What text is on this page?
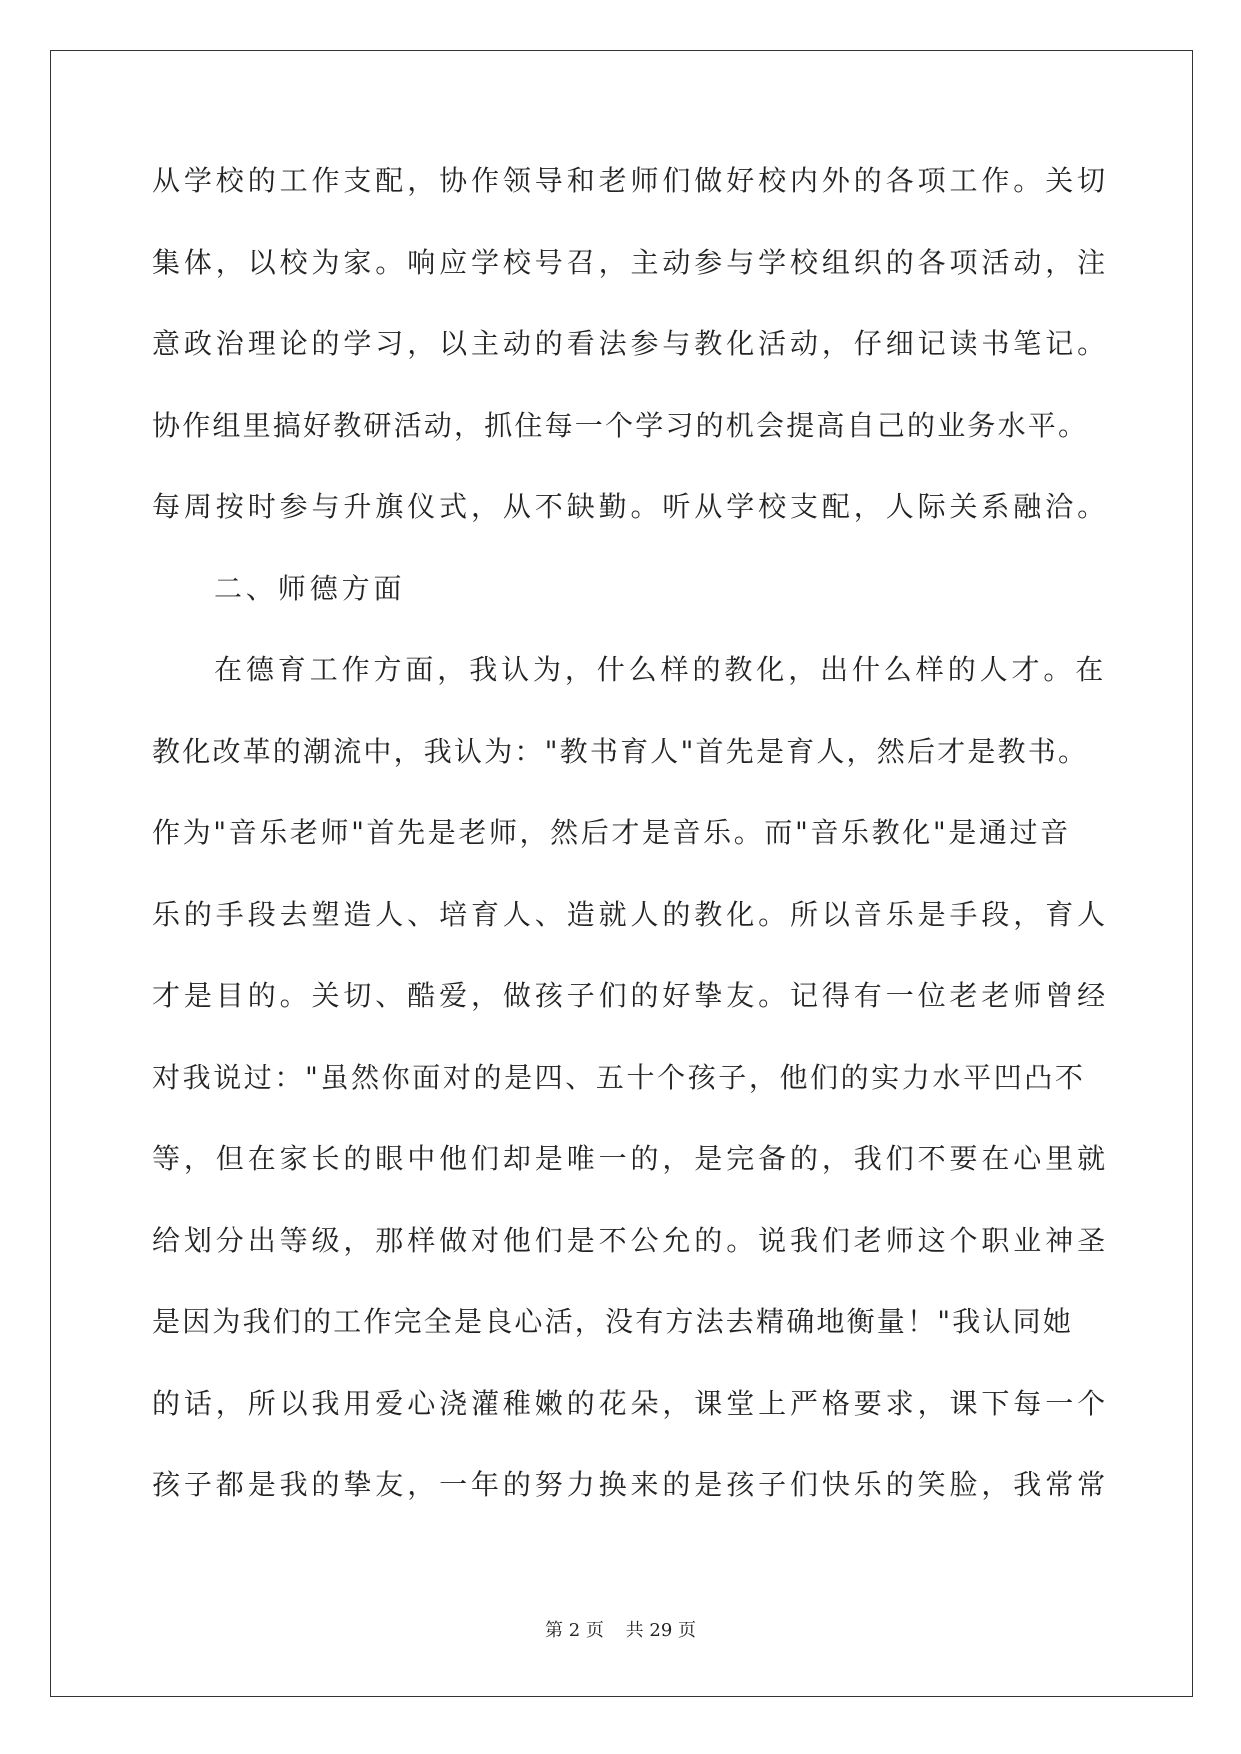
从学校的工作支配，协作领导和老师们做好校内外的各项工作。关切
集体，以校为家。响应学校号召，主动参与学校组织的各项活动，注
意政治理论的学习，以主动的看法参与教化活动，仔细记读书笔记。
协作组里搞好教研活动，抓住每一个学习的机会提高自己的业务水平。
每周按时参与升旗仪式，从不缺勤。听从学校支配，人际关系融洽。
二、师德方面
在德育工作方面，我认为，什么样的教化，出什么样的人才。在
教化改革的潮流中，我认为："教书育人"首先是育人，然后才是教书。
作为"音乐老师"首先是老师，然后才是音乐。而"音乐教化"是通过音
乐的手段去塑造人、培育人、造就人的教化。所以音乐是手段，育人
才是目的。关切、酷爱，做孩子们的好挚友。记得有一位老老师曾经
对我说过："虽然你面对的是四、五十个孩子，他们的实力水平凹凸不
等，但在家长的眼中他们却是唯一的，是完备的，我们不要在心里就
给划分出等级，那样做对他们是不公允的。说我们老师这个职业神圣
是因为我们的工作完全是良心活，没有方法去精确地衡量！"我认同她
的话，所以我用爱心浇灌稚嫩的花朵，课堂上严格要求，课下每一个
孩子都是我的挚友，一年的努力换来的是孩子们快乐的笑脸，我常常
第 2 页 共 29 页
